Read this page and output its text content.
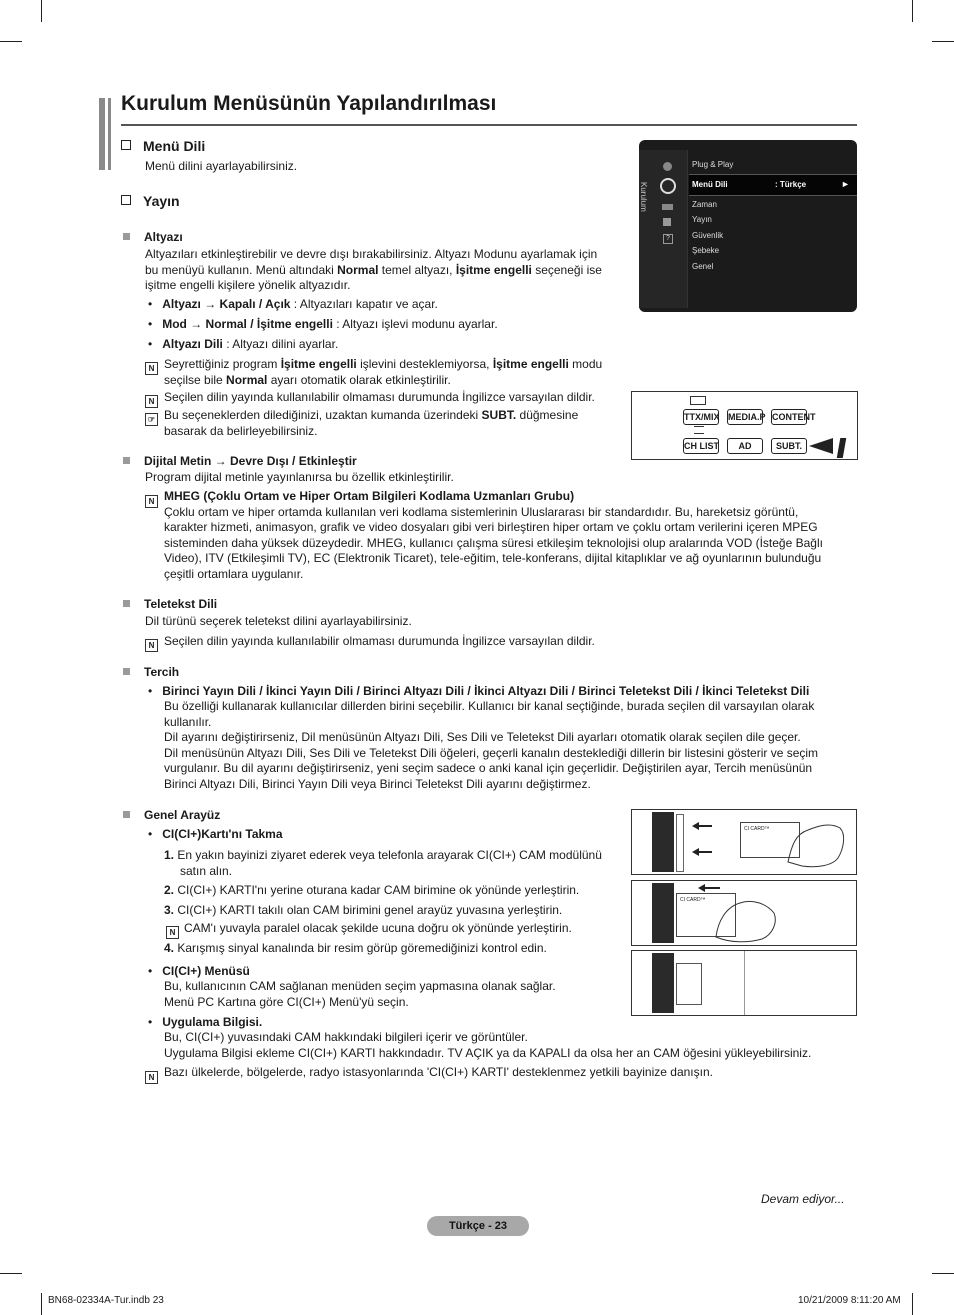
Kurulum Menüsünün Yapılandırılması
Menü Dili
Menü dilini ayarlayabilirsiniz.
Yayın
Altyazı
Altyazıları etkinleştirebilir ve devre dışı bırakabilirsiniz. Altyazı Modunu ayarlamak için
bu menüyü kullanın. Menü altındaki Normal temel altyazı, İşitme engelli seçeneği ise
işitme engelli kişilere yönelik altyazıdır.
•   Altyazı → Kapalı / Açık : Altyazıları kapatır ve açar.
•   Mod → Normal / İşitme engelli : Altyazı işlevi modunu ayarlar.
•   Altyazı Dili : Altyazı dilini ayarlar.
N Seyrettiğiniz program İşitme engelli işlevini desteklemiyorsa, İşitme engelli modu
seçilse bile Normal ayarı otomatik olarak etkinleştirilir.
N Seçilen dilin yayında kullanılabilir olmaması durumunda İngilizce varsayılan dildir.
☞ Bu seçeneklerden dilediğinizi, uzaktan kumanda üzerindeki SUBT. düğmesine
basarak da belirleyebilirsiniz.
Kurulum
?
Plug & Play
Menü Dili	: Türkçe	►
Zaman
Yayın
Güvenlik
Şebeke
Genel
TTX/MIX MEDIA.P CONTENT
CH LIST	AD	SUBT.
Dijital Metin → Devre Dışı / Etkinleştir
Program dijital metinle yayınlanırsa bu özellik etkinleştirilir.
N MHEG (Çoklu Ortam ve Hiper Ortam Bilgileri Kodlama Uzmanları Grubu)
Çoklu ortam ve hiper ortamda kullanılan veri kodlama sistemlerinin Uluslararası bir standardıdır. Bu, hareketsiz görüntü,
karakter hizmeti, animasyon, grafik ve video dosyaları gibi veri birleştiren hiper ortam ve çoklu ortam verilerini içeren MPEG
sisteminden daha yüksek düzeydedir. MHEG, kullanıcı çalışma süresi etkileşim teknolojisi olup aralarında VOD (İsteğe Bağlı
Video), ITV (Etkileşimli TV), EC (Elektronik Ticaret), tele-eğitim, tele-konferans, dijital kitaplıklar ve ağ oyunlarının bulunduğu
çeşitli ortamlara uygulanır.
Teletekst Dili
Dil türünü seçerek teletekst dilini ayarlayabilirsiniz.
N Seçilen dilin yayında kullanılabilir olmaması durumunda İngilizce varsayılan dildir.
Tercih
•   Birinci Yayın Dili / İkinci Yayın Dili / Birinci Altyazı Dili / İkinci Altyazı Dili / Birinci Teletekst Dili / İkinci Teletekst Dili
Bu özelliği kullanarak kullanıcılar dillerden birini seçebilir. Kullanıcı bir kanal seçtiğinde, burada seçilen dil varsayılan olarak
kullanılır.
Dil ayarını değiştirirseniz, Dil menüsünün Altyazı Dili, Ses Dili ve Teletekst Dili ayarları otomatik olarak seçilen dile geçer.
Dil menüsünün Altyazı Dili, Ses Dili ve Teletekst Dili öğeleri, geçerli kanalın desteklediği dillerin bir listesini gösterir ve seçim
vurgulanır. Bu dil ayarını değiştirirseniz, yeni seçim sadece o anki kanal için geçerlidir. Değiştirilen ayar, Tercih menüsünün
Birinci Altyazı Dili, Birinci Yayın Dili veya Birinci Teletekst Dili ayarını değiştirmez.
Genel Arayüz
•   CI(CI+)Kartı'nı Takma
1. En yakın bayinizi ziyaret ederek veya telefonla arayarak CI(CI+) CAM modülünü
satın alın.
2. CI(CI+) KARTI'nı yerine oturana kadar CAM birimine ok yönünde yerleştirin.
3. CI(CI+) KARTI takılı olan CAM birimini genel arayüz yuvasına yerleştirin.
N CAM'ı yuvayla paralel olacak şekilde ucuna doğru ok yönünde yerleştirin.
4. Karışmış sinyal kanalında bir resim görüp göremediğinizi kontrol edin.
•   CI(CI+) Menüsü
Bu, kullanıcının CAM sağlanan menüden seçim yapmasına olanak sağlar.
Menü PC Kartına göre CI(CI+) Menü'yü seçin.
•   Uygulama Bilgisi.
Bu, CI(CI+) yuvasındaki CAM hakkındaki bilgileri içerir ve görüntüler.
Uygulama Bilgisi ekleme CI(CI+) KARTI hakkındadır. TV AÇIK ya da KAPALI da olsa her an CAM öğesini yükleyebilirsiniz.
N Bazı ülkelerde, bölgelerde, radyo istasyonlarında 'CI(CI+) KARTI' desteklenmez yetkili bayinize danışın.
CI CARD™
CI CARD™
Devam ediyor...
Türkçe - 23
BN68-02334A-Tur.indb 23	10/21/2009 8:11:20 AM
